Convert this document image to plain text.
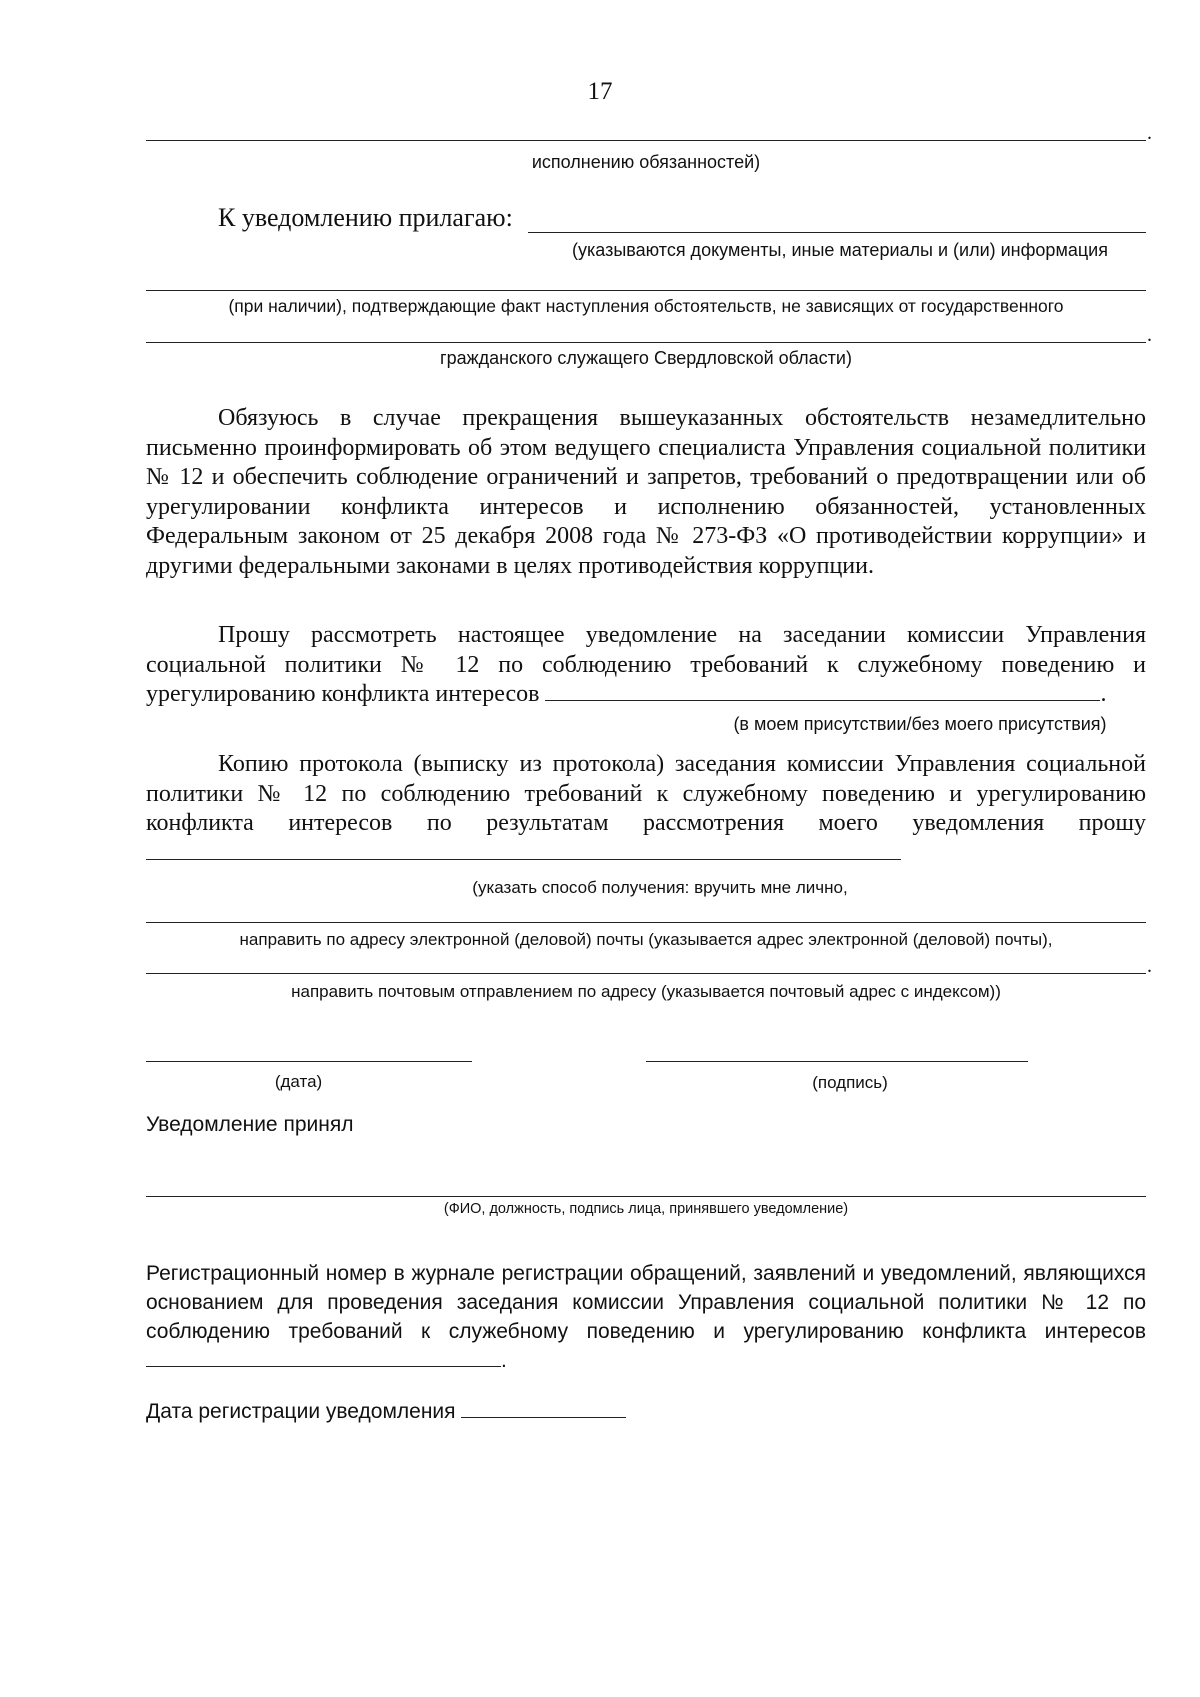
17
.
исполнению обязанностей)
К уведомлению прилагаю:
(указываются документы, иные материалы и (или) информация
(при наличии), подтверждающие факт наступления обстоятельств, не зависящих от государственного
.
гражданского служащего Свердловской области)

Обязуюсь в случае прекращения вышеуказанных обстоятельств незамедлительно письменно проинформировать об этом ведущего специалиста Управления социальной политики № 12 и обеспечить соблюдение ограничений и запретов, требований о предотвращении или об урегулировании конфликта интересов и исполнению обязанностей, установленных Федеральным законом от 25 декабря 2008 года № 273-ФЗ «О противодействии коррупции» и другими федеральными законами в целях противодействия коррупции.

Прошу рассмотреть настоящее уведомление на заседании комиссии Управления социальной политики № 12 по соблюдению требований к служебному поведению и урегулированию конфликта интересов	.

(в моем присутствии/без моего присутствия)

Копию протокола (выписку из протокола) заседания комиссии Управления социальной политики № 12 по соблюдению требований к служебному поведению и урегулированию конфликта интересов по результатам рассмотрения моего уведомления прошу

(указать способ получения: вручить мне лично,
направить по адресу электронной (деловой) почты (указывается адрес электронной (деловой) почты),
.
направить почтовым отправлением по адресу (указывается почтовый адрес с индексом))
(дата)	(подпись)
Уведомление принял
(ФИО, должность, подпись лица, принявшего уведомление)

Регистрационный номер в журнале регистрации обращений, заявлений и уведомлений, являющихся основанием для проведения заседания комиссии Управления социальной политики № 12 по соблюдению требований к служебному поведению и урегулированию конфликта интересов .

Дата регистрации уведомления
